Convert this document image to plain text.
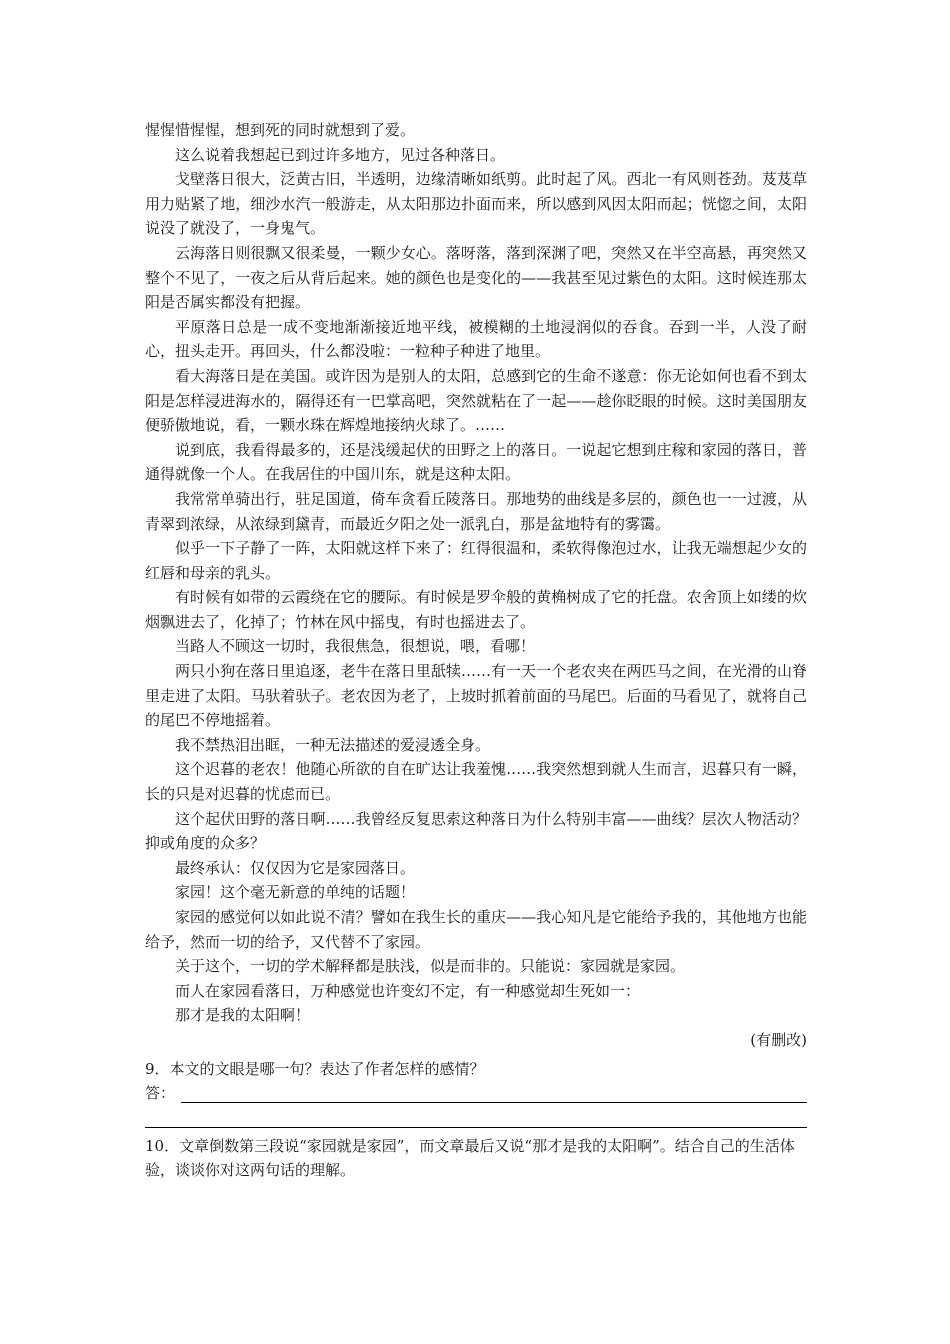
惺惺惜惺惺，想到死的同时就想到了爱。

这么说着我想起已到过许多地方，见过各种落日。

戈壁落日很大，泛黄古旧，半透明，边缘清晰如纸剪。此时起了风。西北一有风则苍劲。芨芨草用力贴紧了地，细沙水汽一般游走，从太阳那边扑面而来，所以感到风因太阳而起；恍惚之间，太阳说没了就没了，一身鬼气。

云海落日则很飘又很柔曼，一颗少女心。落呀落，落到深渊了吧，突然又在半空高悬，再突然又整个不见了，一夜之后从背后起来。她的颜色也是变化的——我甚至见过紫色的太阳。这时候连那太阳是否属实都没有把握。

平原落日总是一成不变地渐渐接近地平线，被模糊的土地浸润似的吞食。吞到一半，人没了耐心，扭头走开。再回头，什么都没啦：一粒种子种进了地里。

看大海落日是在美国。或许因为是别人的太阳，总感到它的生命不遂意：你无论如何也看不到太阳是怎样浸进海水的，隔得还有一巴掌高吧，突然就粘在了一起——趁你眨眼的时候。这时美国朋友便骄傲地说，看，一颗水珠在辉煌地接纳火球了。……

说到底，我看得最多的，还是浅缓起伏的田野之上的落日。一说起它想到庄稼和家园的落日，普通得就像一个人。在我居住的中国川东，就是这种太阳。

我常常单骑出行，驻足国道，倚车贪看丘陵落日。那地势的曲线是多层的，颜色也一一过渡，从青翠到浓绿，从浓绿到黛青，而最近夕阳之处一派乳白，那是盆地特有的雾霭。

似乎一下子静了一阵，太阳就这样下来了：红得很温和，柔软得像泡过水，让我无端想起少女的红唇和母亲的乳头。

有时候有如带的云霞绕在它的腰际。有时候是罗伞般的黄桷树成了它的托盘。农舍顶上如缕的炊烟飘进去了，化掉了；竹林在风中摇曳，有时也摇进去了。

当路人不顾这一切时，我很焦急，很想说，喂，看哪！

两只小狗在落日里追逐，老牛在落日里舐犊……有一天一个老农夹在两匹马之间，在光滑的山脊里走进了太阳。马驮着驮子。老农因为老了，上坡时抓着前面的马尾巴。后面的马看见了，就将自己的尾巴不停地摇着。

我不禁热泪出眶，一种无法描述的爱浸透全身。

这个迟暮的老农！他随心所欲的自在旷达让我羞愧……我突然想到就人生而言，迟暮只有一瞬，长的只是对迟暮的忧虑而已。

这个起伏田野的落日啊……我曾经反复思索这种落日为什么特别丰富——曲线？层次人物活动？抑或角度的众多？

最终承认：仅仅因为它是家园落日。

家园！这个毫无新意的单纯的话题！

家园的感觉何以如此说不清？譬如在我生长的重庆——我心知凡是它能给予我的，其他地方也能给予，然而一切的给予，又代替不了家园。

关于这个，一切的学术解释都是肤浅，似是而非的。只能说：家园就是家园。

而人在家园看落日，万种感觉也许变幻不定，有一种感觉却生死如一：

那才是我的太阳啊！

(有删改)

9．本文的文眼是哪一句？表达了作者怎样的感情？

答：

10．文章倒数第三段说“家园就是家园”，而文章最后又说“那才是我的太阳啊”。结合自己的生活体验，谈谈你对这两句话的理解。
